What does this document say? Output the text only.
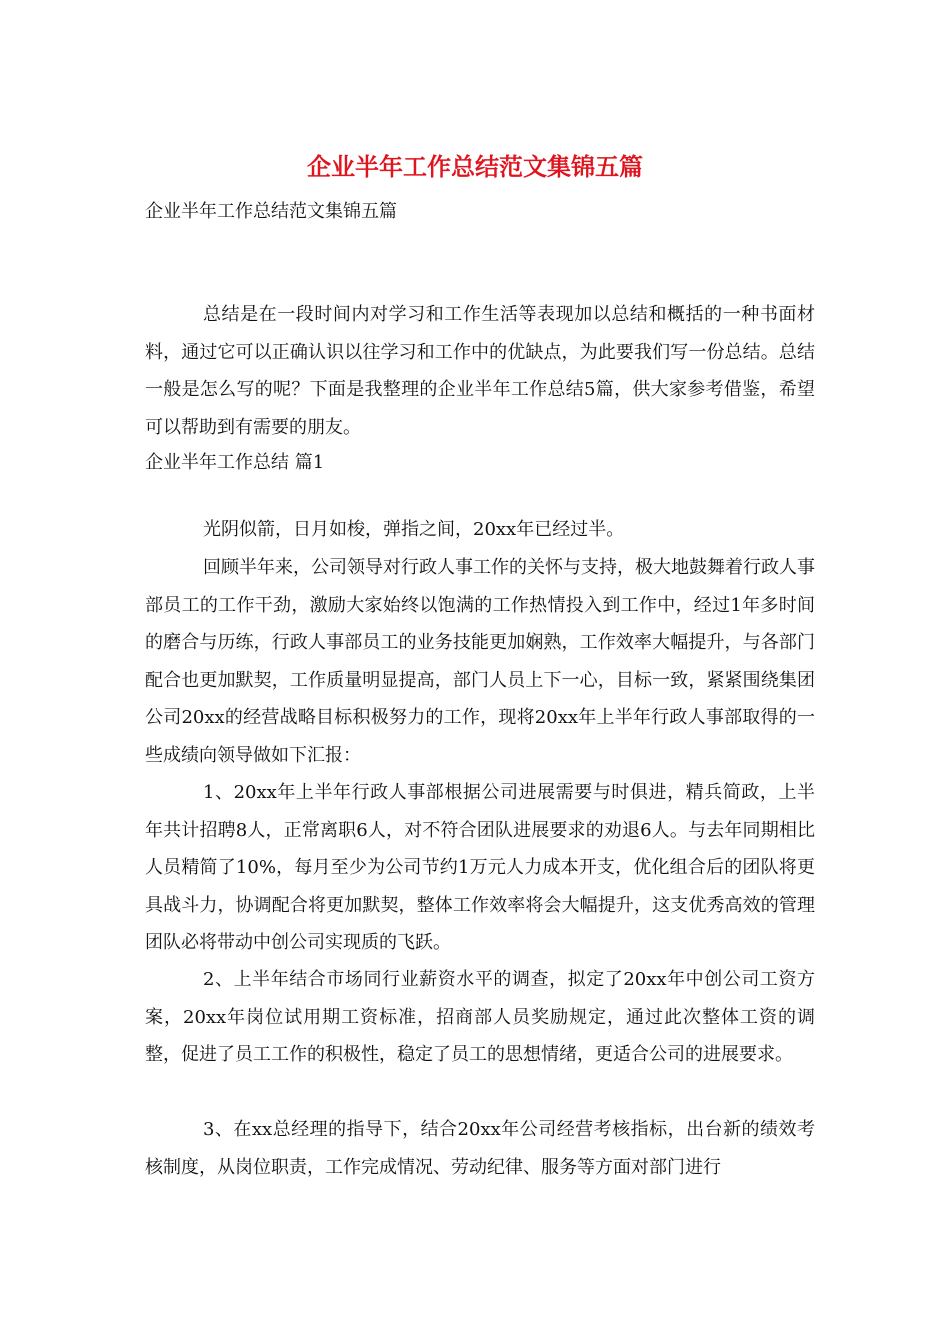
企业半年工作总结范文集锦五篇

企业半年工作总结范文集锦五篇

总结是在一段时间内对学习和工作生活等表现加以总结和概括的一种书面材料，通过它可以正确认识以往学习和工作中的优缺点，为此要我们写一份总结。总结一般是怎么写的呢？下面是我整理的企业半年工作总结5篇，供大家参考借鉴，希望可以帮助到有需要的朋友。

企业半年工作总结 篇1

光阴似箭，日月如梭，弹指之间，20xx年已经过半。

回顾半年来，公司领导对行政人事工作的关怀与支持，极大地鼓舞着行政人事部员工的工作干劲，激励大家始终以饱满的工作热情投入到工作中，经过1年多时间的磨合与历练，行政人事部员工的业务技能更加娴熟，工作效率大幅提升，与各部门配合也更加默契，工作质量明显提高，部门人员上下一心，目标一致，紧紧围绕集团公司20xx的经营战略目标积极努力的工作，现将20xx年上半年行政人事部取得的一些成绩向领导做如下汇报：

1、20xx年上半年行政人事部根据公司进展需要与时俱进，精兵简政，上半年共计招聘8人，正常离职6人，对不符合团队进展要求的劝退6人。与去年同期相比人员精简了10%，每月至少为公司节约1万元人力成本开支，优化组合后的团队将更具战斗力，协调配合将更加默契，整体工作效率将会大幅提升，这支优秀高效的管理团队必将带动中创公司实现质的飞跃。

2、上半年结合市场同行业薪资水平的调查，拟定了20xx年中创公司工资方案，20xx年岗位试用期工资标准，招商部人员奖励规定，通过此次整体工资的调整，促进了员工工作的积极性，稳定了员工的思想情绪，更适合公司的进展要求。

3、在xx总经理的指导下，结合20xx年公司经营考核指标，出台新的绩效考核制度，从岗位职责，工作完成情况、劳动纪律、服务等方面对部门进行
